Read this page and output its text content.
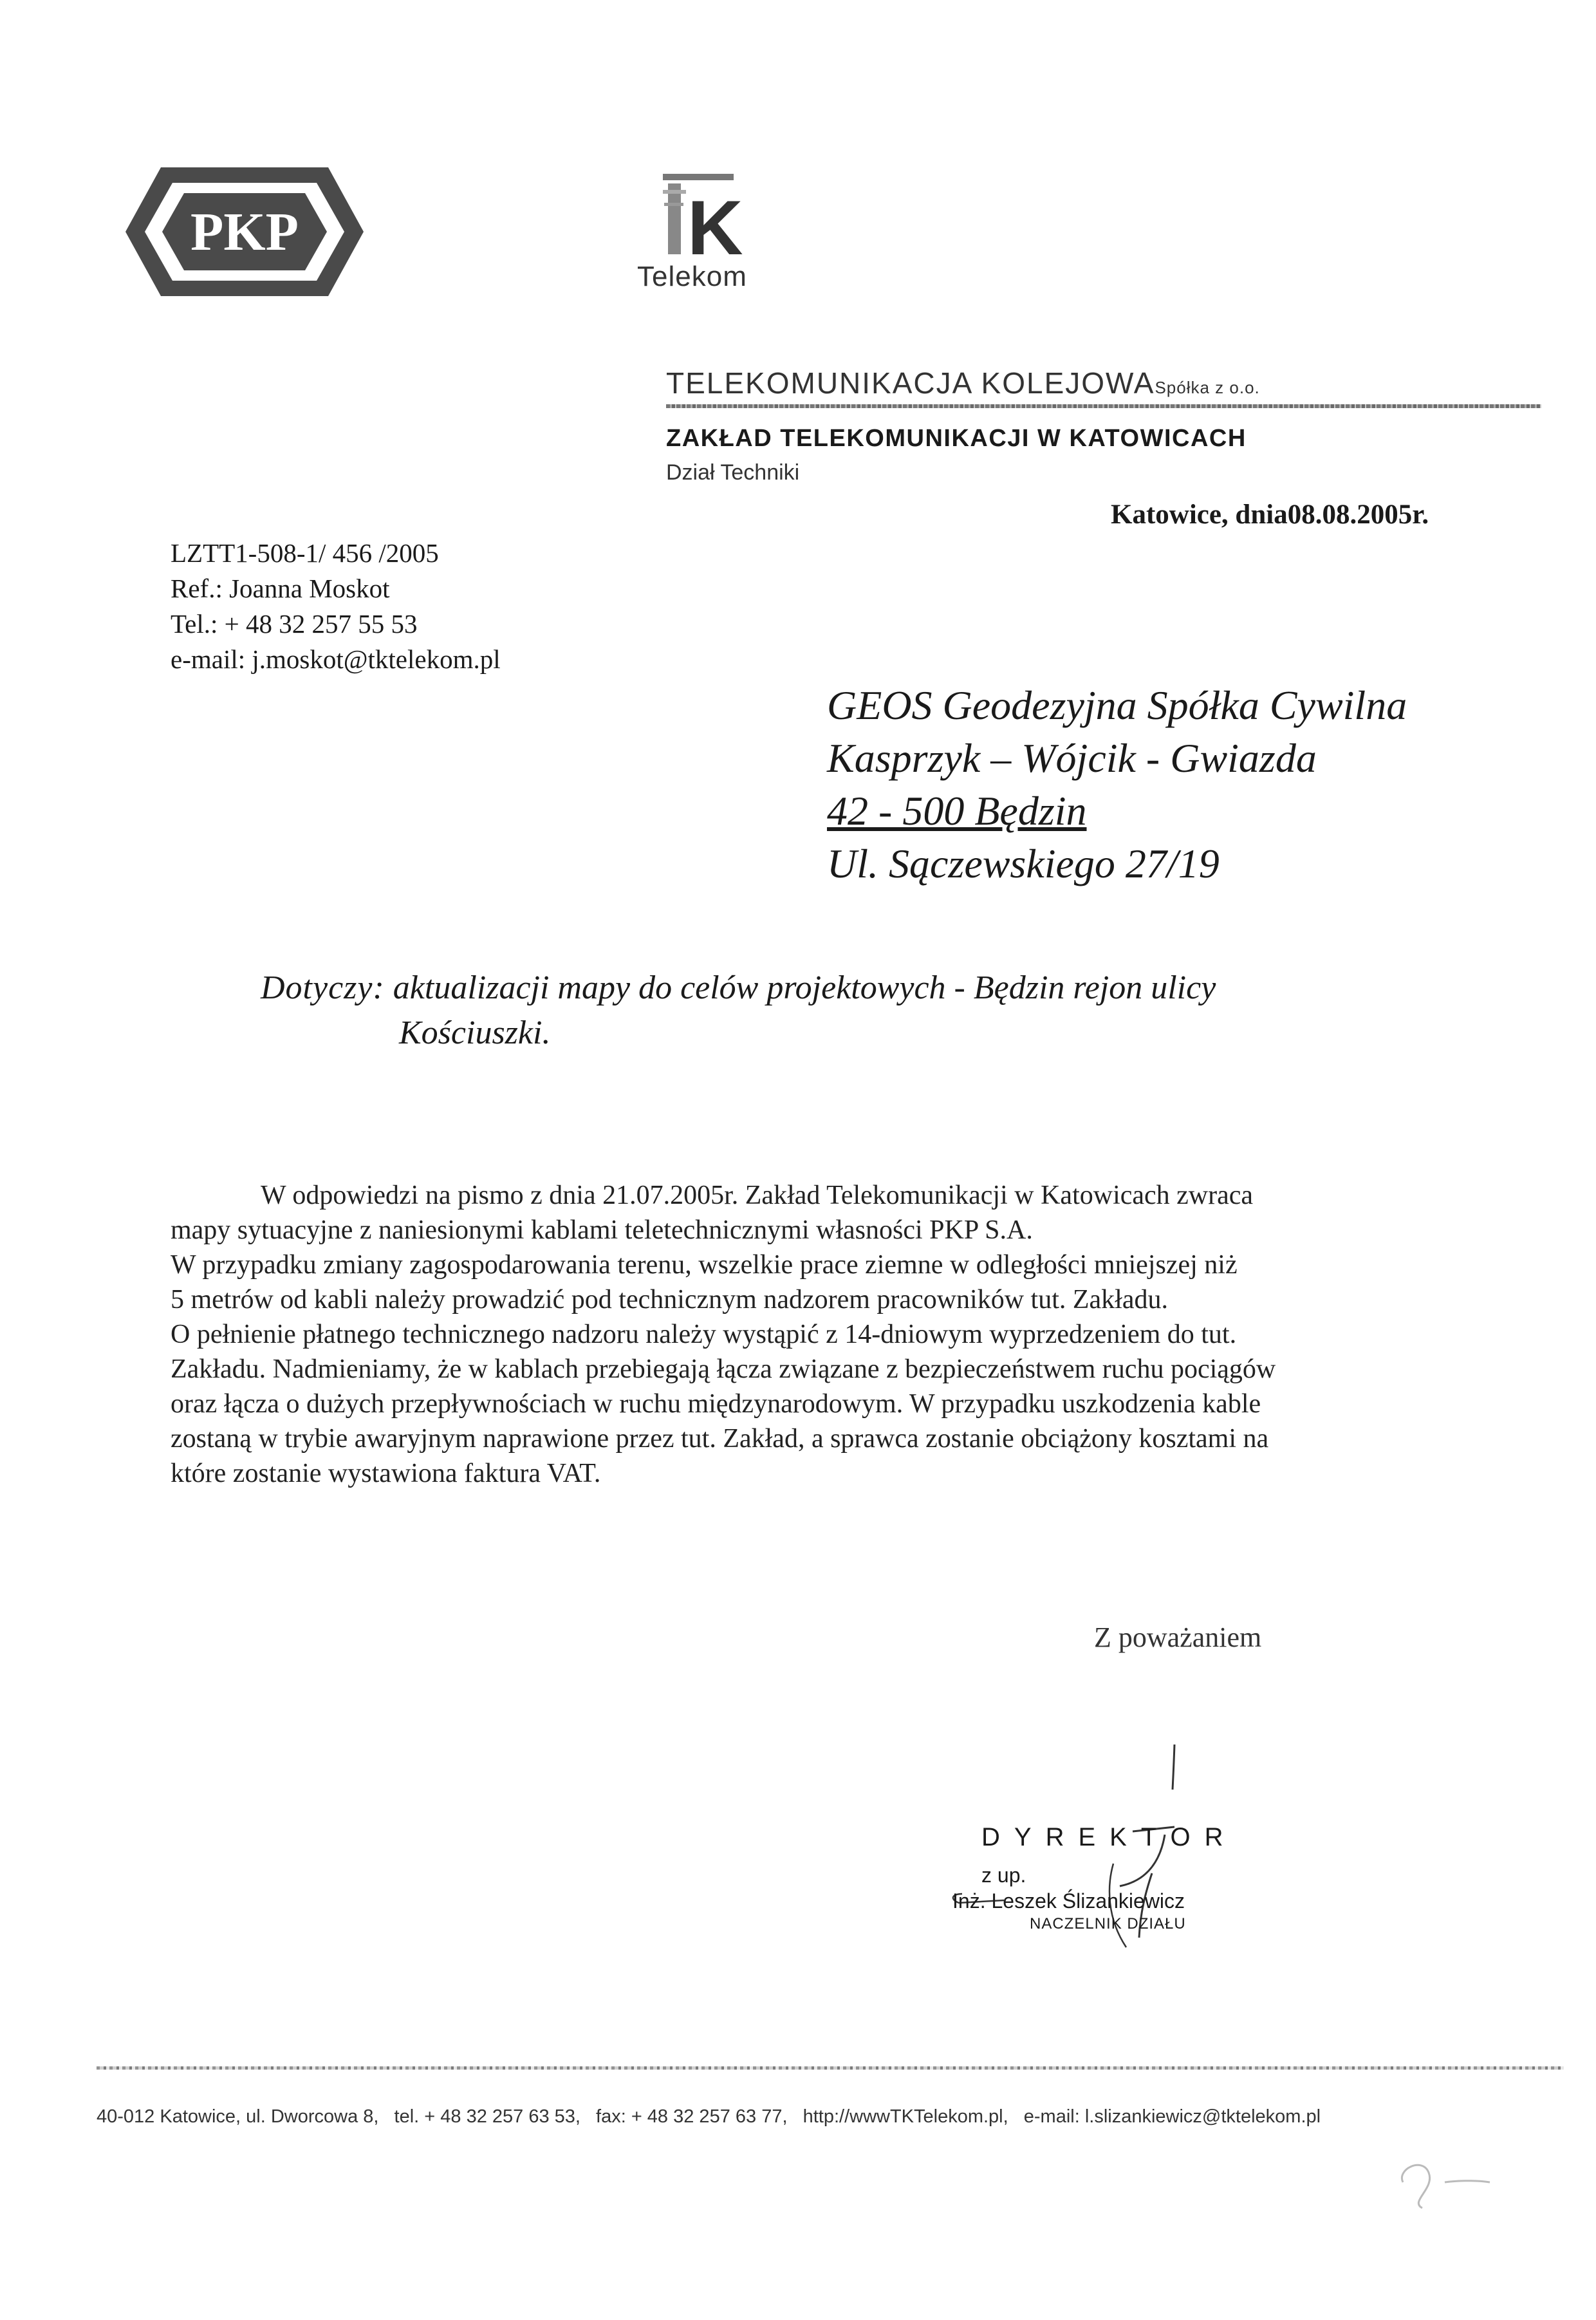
PKP	K
Telekom
TELEKOMUNIKACJA KOLEJOWASpółka z o.o.
ZAKŁAD TELEKOMUNIKACJI W KATOWICACH
Dział Techniki
Katowice, dnia08.08.2005r.
LZTT1-508-1/ 456 /2005
Ref.: Joanna Moskot
Tel.: + 48 32 257 55 53
e-mail: j.moskot@tktelekom.pl
GEOS Geodezyjna Spółka Cywilna
Kasprzyk – Wójcik - Gwiazda
42 - 500 Będzin
Ul. Sączewskiego 27/19
Dotyczy: aktualizacji mapy do celów projektowych - Będzin rejon ulicy
Kościuszki.

W odpowiedzi na pismo z dnia 21.07.2005r. Zakład Telekomunikacji w Katowicach zwraca

mapy sytuacyjne z naniesionymi kablami teletechnicznymi własności PKP S.A.

W przypadku zmiany zagospodarowania terenu, wszelkie prace ziemne w odległości mniejszej niż

5 metrów od kabli należy prowadzić pod technicznym nadzorem pracowników tut. Zakładu.

O pełnienie płatnego technicznego nadzoru należy wystąpić z 14-dniowym wyprzedzeniem do tut.

Zakładu. Nadmieniamy, że w kablach przebiegają łącza związane z bezpieczeństwem ruchu pociągów

oraz łącza o dużych przepływnościach w ruchu międzynarodowym. W przypadku uszkodzenia kable

zostaną w trybie awaryjnym naprawione przez tut. Zakład, a sprawca zostanie obciążony kosztami na

które zostanie wystawiona faktura VAT.

Z poważaniem
DYREKTOR
z up.
Inż. Leszek Ślizankiewicz
NACZELNIK DZIAŁU
40-012 Katowice, ul. Dworcowa 8, tel. + 48 32 257 63 53, fax: + 48 32 257 63 77, http://wwwTKTelekom.pl, e-mail: l.slizankiewicz@tktelekom.pl
